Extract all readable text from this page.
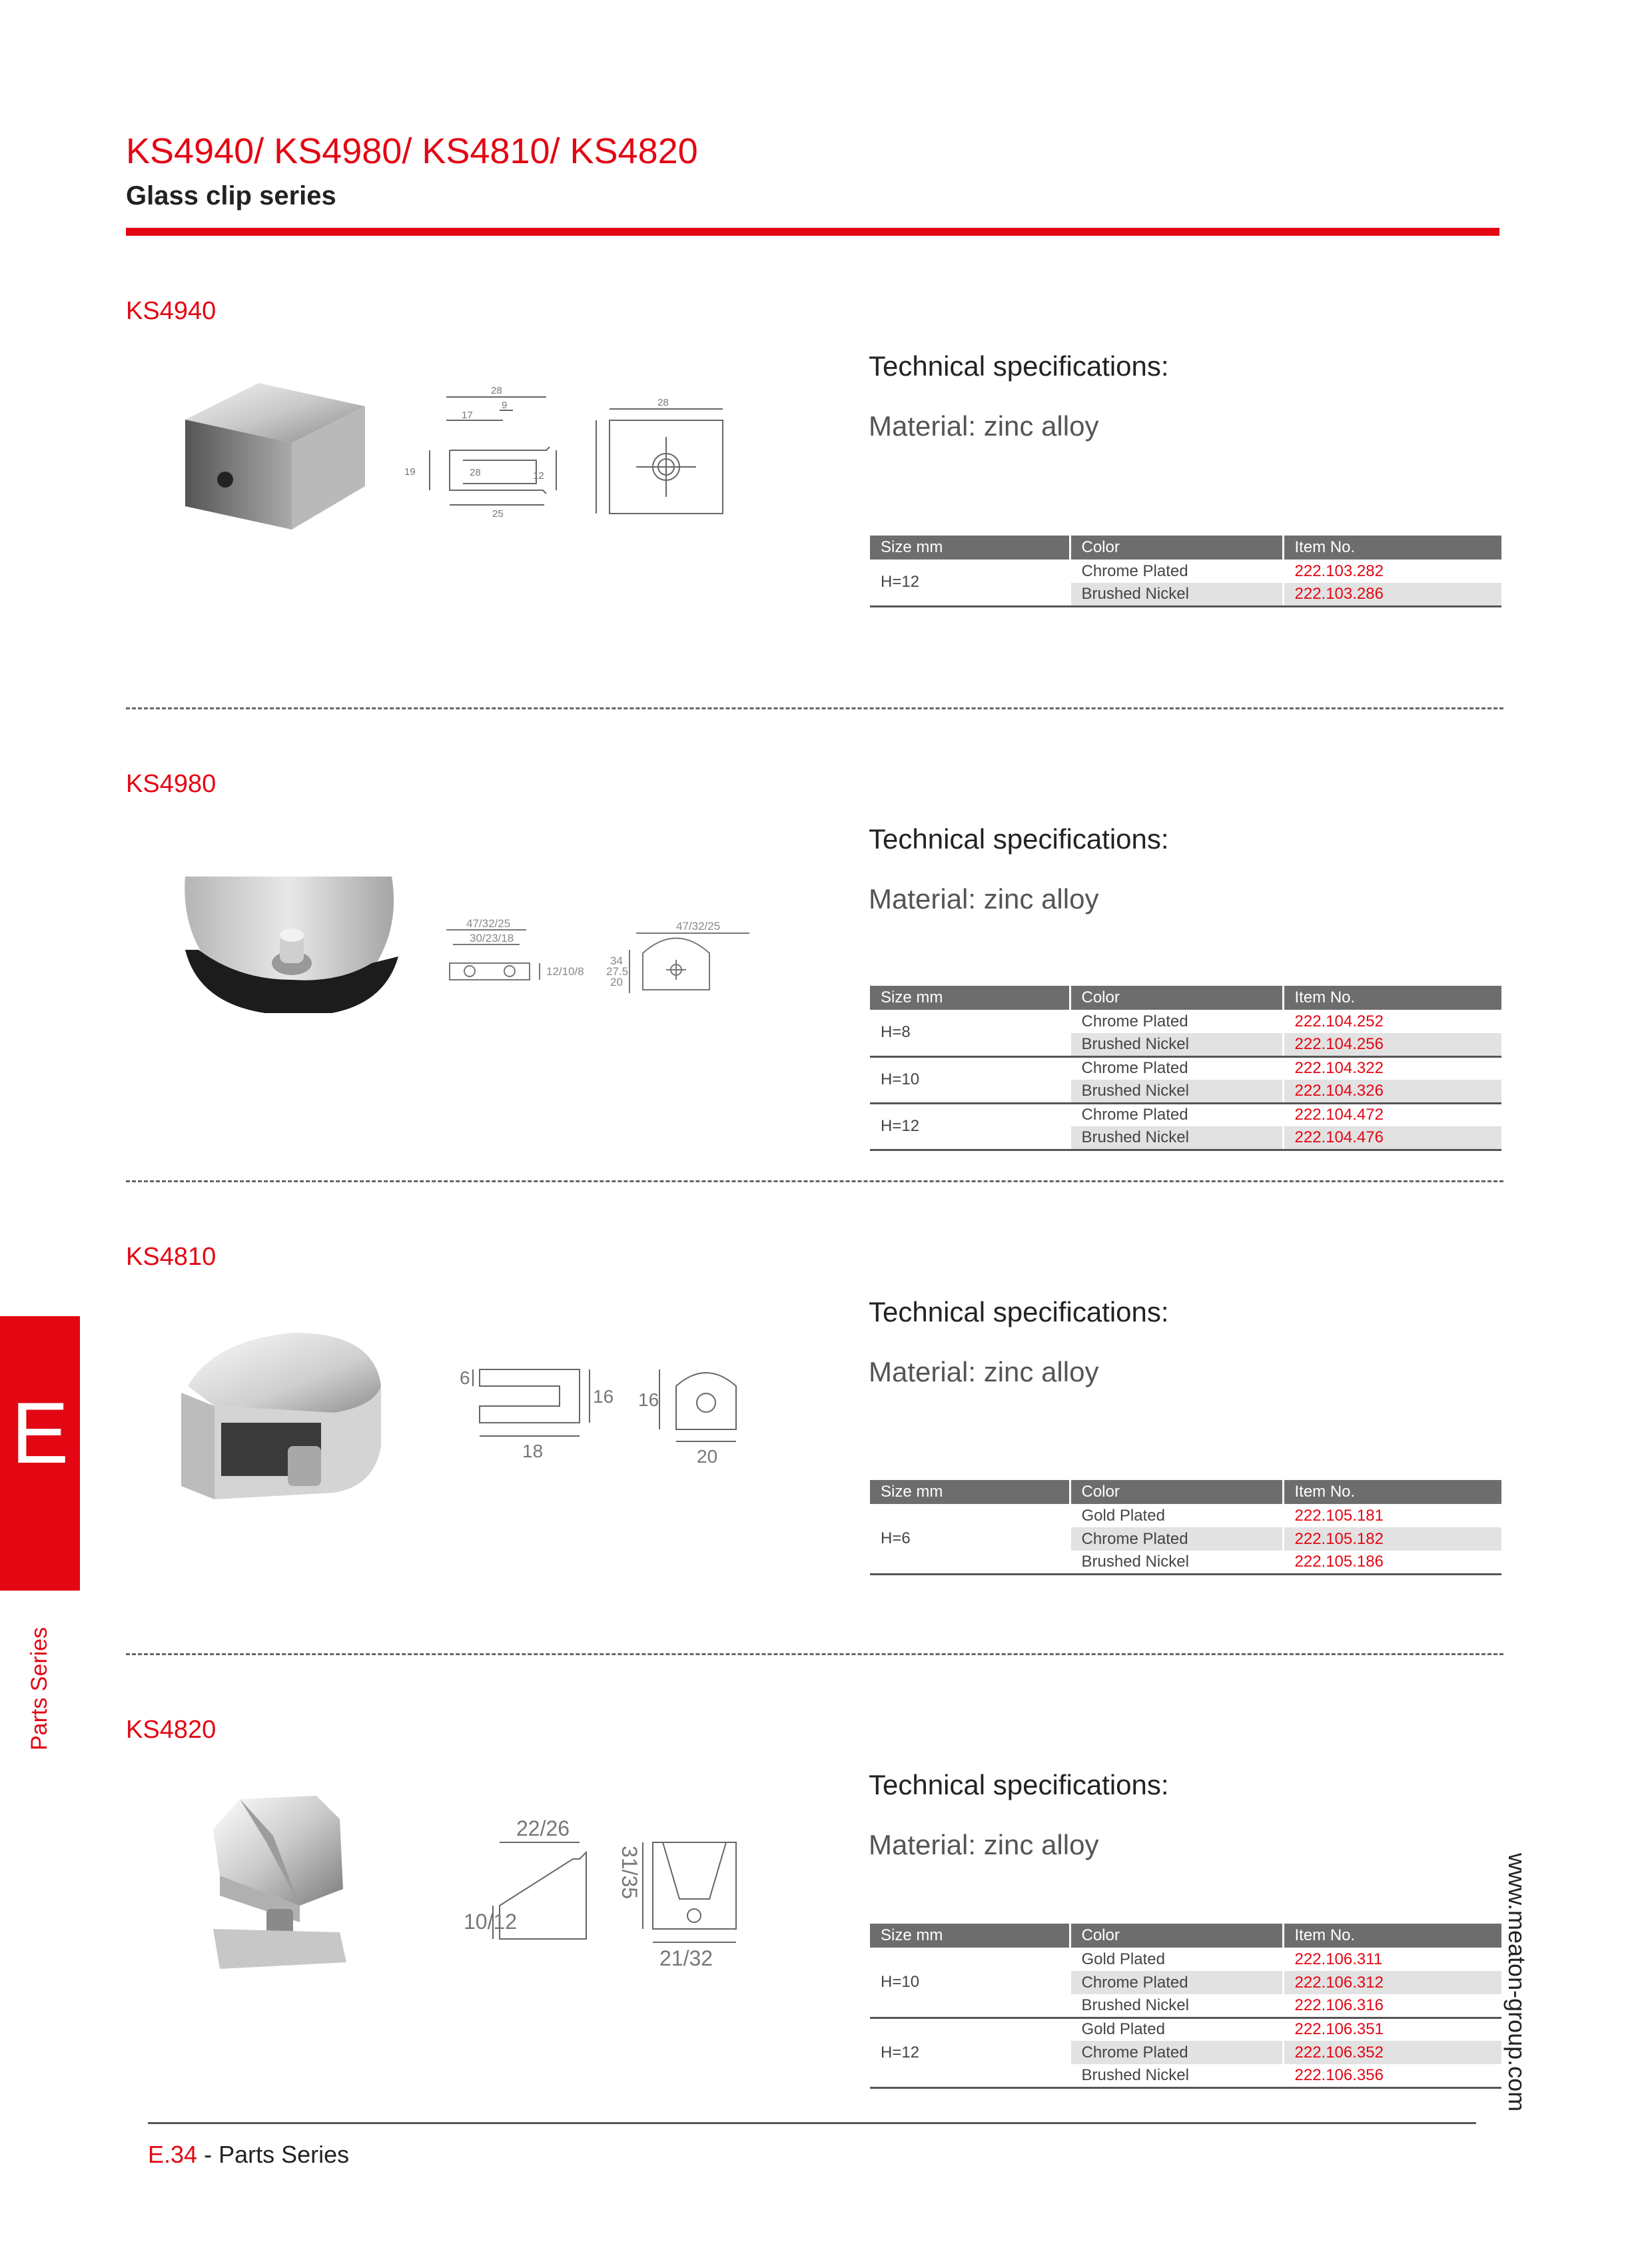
KS4940/ KS4980/ KS4810/ KS4820
Glass clip series
KS4940
Technical specifications:
Material: zinc alloy
28
17
9
28
19	12
25
28
Size mm	Color	Item No.
H=12	Chrome Plated	222.103.282
	Brushed Nickel	222.103.286
KS4980
Technical specifications:
Material: zinc alloy
47/32/25
30/23/18
12/10/8
47/32/25
34
27.5
20
Size mm	Color	Item No.
H=8	Chrome Plated	222.104.252
	Brushed Nickel	222.104.256
H=10	Chrome Plated	222.104.322
	Brushed Nickel	222.104.326
H=12	Chrome Plated	222.104.472
	Brushed Nickel	222.104.476
KS4810
Technical specifications:
Material: zinc alloy
6
16
18
16
20
Size mm	Color	Item No.
H=6	Gold Plated	222.105.181
	Chrome Plated	222.105.182
	Brushed Nickel	222.105.186
KS4820
Technical specifications:
Material: zinc alloy
22/26
10/12
31/35
21/32
Size mm	Color	Item No.
H=10	Gold Plated	222.106.311
	Chrome Plated	222.106.312
	Brushed Nickel	222.106.316
H=12	Gold Plated	222.106.351
	Chrome Plated	222.106.352
	Brushed Nickel	222.106.356
E
Parts Series
www.meaton-group.com
E.34 - Parts Series
